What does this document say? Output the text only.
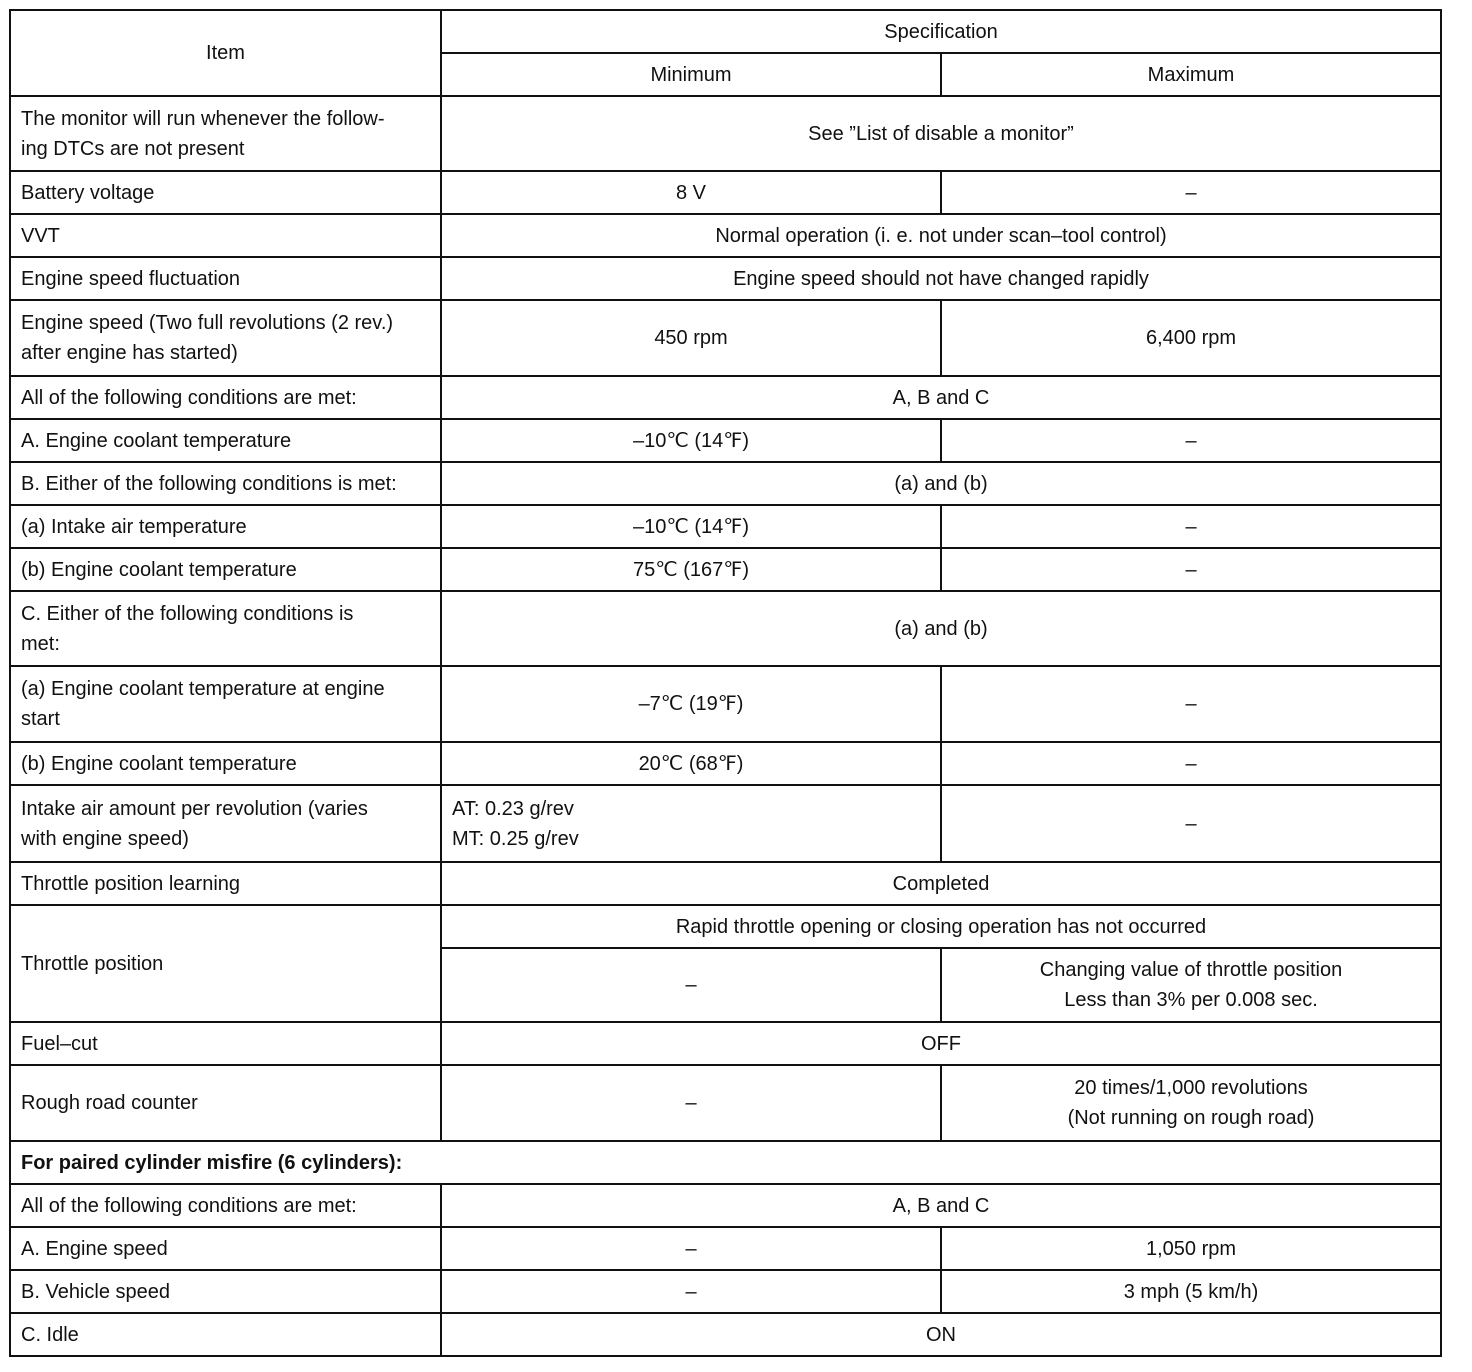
Item	Specification	
	Minimum	Maximum

The monitor will run whenever the follow-
ing DTCs are not present	See ”List of disable a monitor”	
Battery voltage	8 V	–
VVT	Normal operation (i. e. not under scan–tool control)	
Engine speed fluctuation	Engine speed should not have changed rapidly	

Engine speed (Two full revolutions (2 rev.)
after engine has started)	450 rpm	6,400 rpm
All of the following conditions are met:	A, B and C	
A. Engine coolant temperature	–10℃ (14℉)	–
B. Either of the following conditions is met:	(a) and (b)	
(a) Intake air temperature	–10℃ (14℉)	–
(b) Engine coolant temperature	75℃ (167℉)	–

C. Either of the following conditions is
met:	(a) and (b)	

(a) Engine coolant temperature at engine
start	–7℃ (19℉)	–
(b) Engine coolant temperature	20℃ (68℉)	–

Intake air amount per revolution (varies
with engine speed)	AT: 0.23 g/rev
MT: 0.25 g/rev	–
Throttle position learning	Completed	
Throttle position	Rapid throttle opening or closing operation has not occurred	
	–	Changing value of throttle position
Less than 3% per 0.008 sec.

Fuel–cut	OFF	
Rough road counter	–	20 times/1,000 revolutions
(Not running on rough road)

For paired cylinder misfire (6 cylinders):		
All of the following conditions are met:	A, B and C	
A. Engine speed	–	1,050 rpm
B. Vehicle speed	–	3 mph (5 km/h)
C. Idle	ON	
